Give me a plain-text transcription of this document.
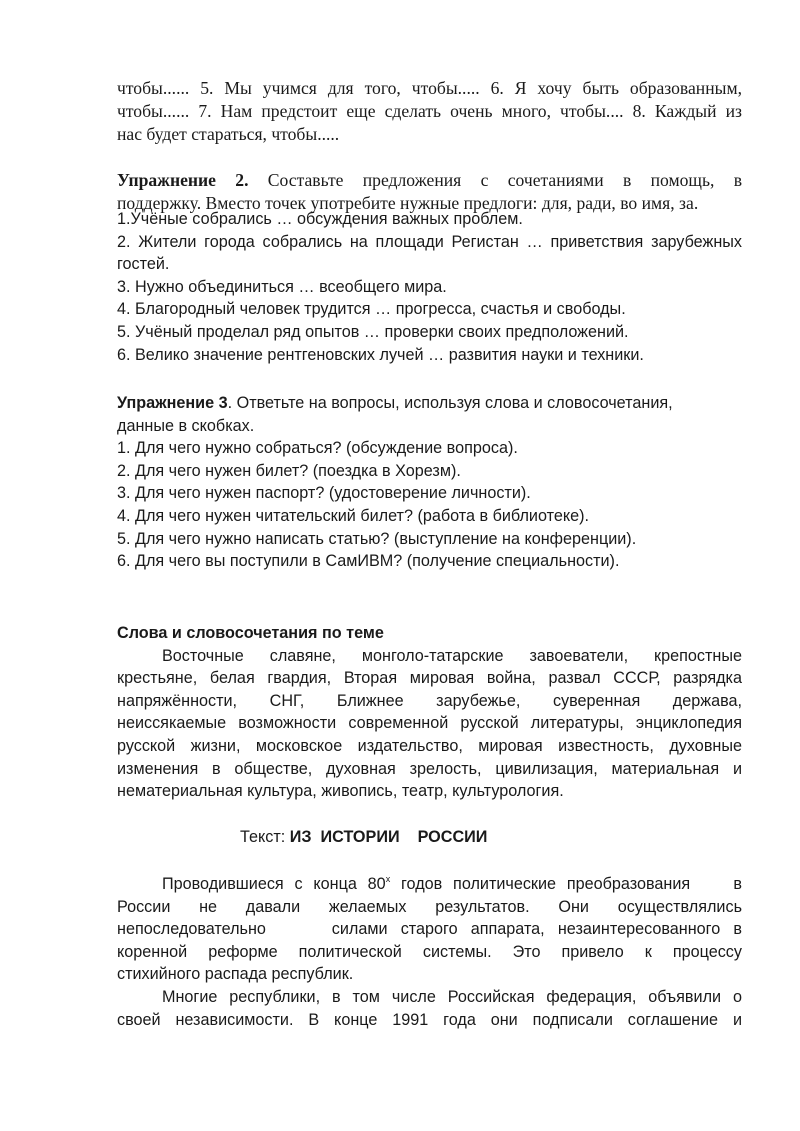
чтобы...... 5. Мы учимся для того, чтобы..... 6. Я хочу быть образованным,
чтобы...... 7. Нам предстоит еще сделать очень много, чтобы.... 8. Каждый из
нас будет стараться, чтобы.....
Упражнение 2. Составьте предложения с сочетаниями в помощь, в
поддержку. Вместо точек употребите нужные предлоги: для, ради, во имя, за.
1.Учёные собрались … обсуждения важных проблем.
2. Жители города собрались на площади Регистан … приветствия зарубежных
гостей.
3. Нужно объединиться … всеобщего мира.
4. Благородный человек трудится … прогресса, счастья и свободы.
5. Учёный проделал ряд опытов … проверки своих предположений.
6. Велико значение рентгеновских лучей … развития науки и техники.
Упражнение 3. Ответьте на вопросы, используя слова и словосочетания,
данные в скобках.
1. Для чего нужно собраться? (обсуждение вопроса).
2. Для чего нужен билет? (поездка в Хорезм).
3. Для чего нужен паспорт? (удостоверение личности).
4. Для чего нужен читательский билет? (работа в библиотеке).
5. Для чего нужно написать статью? (выступление на конференции).
6. Для чего вы поступили в СамИВМ? (получение специальности).
Слова и словосочетания по теме
Восточные славяне, монголо-татарские завоеватели, крепостные
крестьяне, белая гвардия, Вторая мировая война, развал СССР, разрядка
напряжённости, СНГ, Ближнее зарубежье, суверенная держава,
неиссякаемые возможности современной русской литературы, энциклопедия
русской жизни, московское издательство, мировая известность, духовные
изменения в обществе, духовная зрелость, цивилизация, материальная и
нематериальная культура, живопись, театр, культурология.
Текст: ИЗ  ИСТОРИИ    РОССИИ
Проводившиеся с конца $80^х$ годов политические преобразования    в
России не давали желаемых результатов. Они осуществлялись
непоследовательно     силами старого аппарата, незаинтересованного в
коренной реформе политической системы. Это привело к процессу
стихийного распада республик.
Многие республики, в том числе Российская федерация, объявили о
своей независимости. В конце 1991 года они подписали соглашение и
